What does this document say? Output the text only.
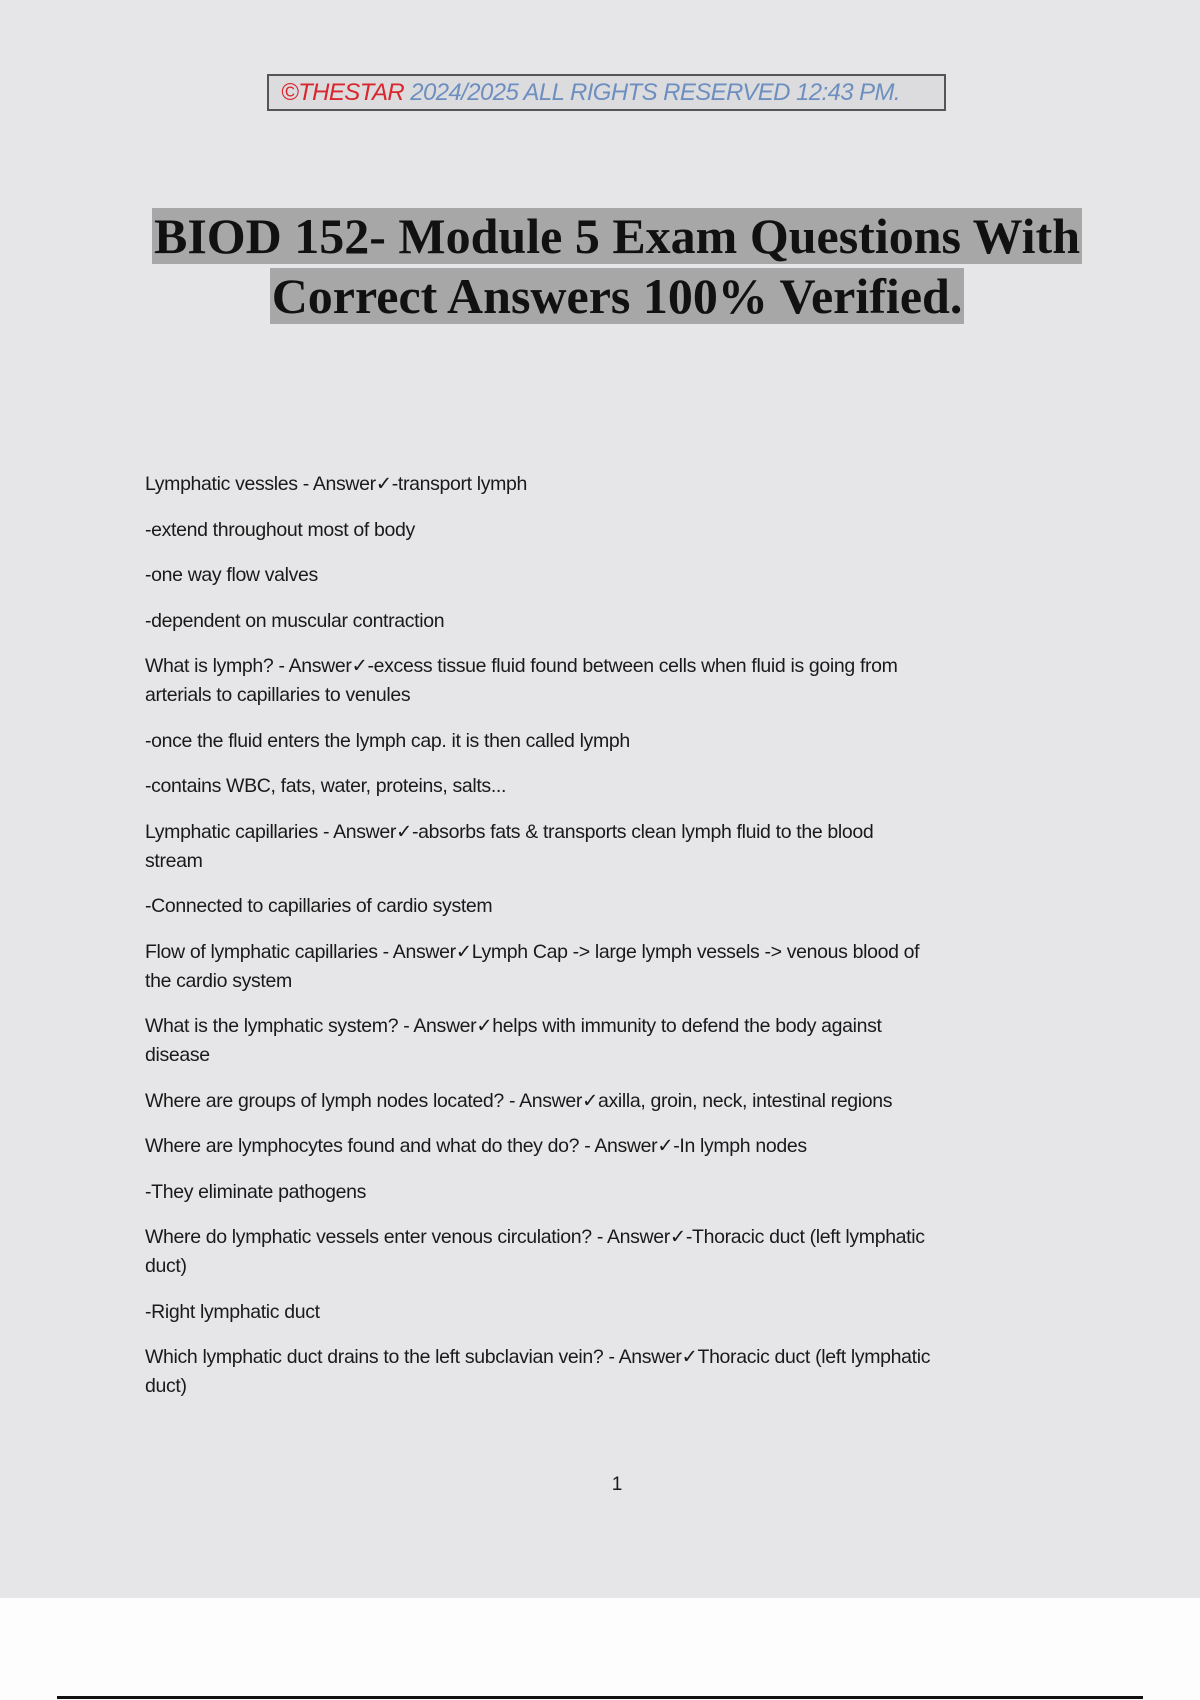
©THESTAR 2024/2025 ALL RIGHTS RESERVED 12:43 PM.
BIOD 152- Module 5 Exam Questions With
Correct Answers 100% Verified.
Lymphatic vessles - Answer✓-transport lymph
-extend throughout most of body
-one way flow valves
-dependent on muscular contraction
What is lymph? - Answer✓-excess tissue fluid found between cells when fluid is going from
arterials to capillaries to venules
-once the fluid enters the lymph cap. it is then called lymph
-contains WBC, fats, water, proteins, salts...
Lymphatic capillaries - Answer✓-absorbs fats & transports clean lymph fluid to the blood
stream
-Connected to capillaries of cardio system
Flow of lymphatic capillaries - Answer✓Lymph Cap -> large lymph vessels -> venous blood of
the cardio system
What is the lymphatic system? - Answer✓helps with immunity to defend the body against
disease
Where are groups of lymph nodes located? - Answer✓axilla, groin, neck, intestinal regions
Where are lymphocytes found and what do they do? - Answer✓-In lymph nodes
-They eliminate pathogens
Where do lymphatic vessels enter venous circulation? - Answer✓-Thoracic duct (left lymphatic
duct)
-Right lymphatic duct
Which lymphatic duct drains to the left subclavian vein? - Answer✓Thoracic duct (left lymphatic
duct)
1
